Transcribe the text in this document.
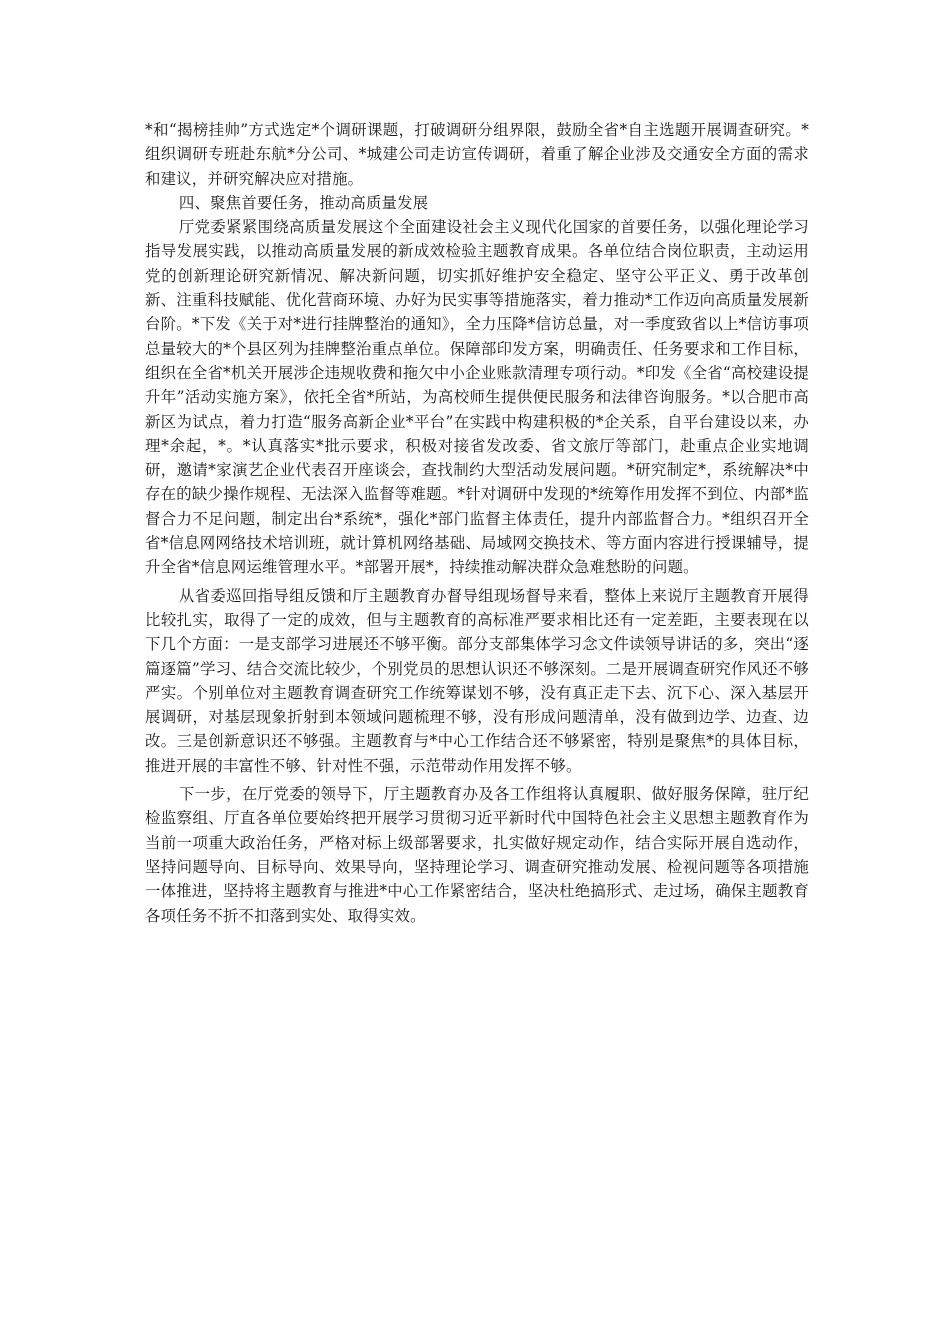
*和“揭榜挂帅”方式选定*个调研课题，打破调研分组界限，鼓励全省*自主选题开展调查研究。*组织调研专班赴东航*分公司、*城建公司走访宣传调研，着重了解企业涉及交通安全方面的需求和建议，并研究解决应对措施。

四、聚焦首要任务，推动高质量发展

厅党委紧紧围绕高质量发展这个全面建设社会主义现代化国家的首要任务，以强化理论学习指导发展实践，以推动高质量发展的新成效检验主题教育成果。各单位结合岗位职责，主动运用党的创新理论研究新情况、解决新问题，切实抓好维护安全稳定、坚守公平正义、勇于改革创新、注重科技赋能、优化营商环境、办好为民实事等措施落实，着力推动*工作迈向高质量发展新台阶。*下发《关于对*进行挂牌整治的通知》，全力压降*信访总量，对一季度致省以上*信访事项总量较大的*个县区列为挂牌整治重点单位。保障部印发方案，明确责任、任务要求和工作目标，组织在全省*机关开展涉企违规收费和拖欠中小企业账款清理专项行动。*印发《全省“高校建设提升年”活动实施方案》，依托全省*所站，为高校师生提供便民服务和法律咨询服务。*以合肥市高新区为试点，着力打造“服务高新企业*平台”在实践中构建积极的*企关系，自平台建设以来，办理*余起，*。*认真落实*批示要求，积极对接省发改委、省文旅厅等部门，赴重点企业实地调研，邀请*家演艺企业代表召开座谈会，查找制约大型活动发展问题。*研究制定*，系统解决*中存在的缺少操作规程、无法深入监督等难题。*针对调研中发现的*统筹作用发挥不到位、内部*监督合力不足问题，制定出台*系统*，强化*部门监督主体责任，提升内部监督合力。*组织召开全省*信息网网络技术培训班，就计算机网络基础、局域网交换技术、等方面内容进行授课辅导，提升全省*信息网运维管理水平。*部署开展*，持续推动解决群众急难愁盼的问题。

从省委巡回指导组反馈和厅主题教育办督导组现场督导来看，整体上来说厅主题教育开展得比较扎实，取得了一定的成效，但与主题教育的高标准严要求相比还有一定差距，主要表现在以下几个方面：一是支部学习进展还不够平衡。部分支部集体学习念文件读领导讲话的多，突出“逐篇逐篇”学习、结合交流比较少，个别党员的思想认识还不够深刻。二是开展调查研究作风还不够严实。个别单位对主题教育调查研究工作统筹谋划不够，没有真正走下去、沉下心、深入基层开展调研，对基层现象折射到本领域问题梳理不够，没有形成问题清单，没有做到边学、边查、边改。三是创新意识还不够强。主题教育与*中心工作结合还不够紧密，特别是聚焦*的具体目标，推进开展的丰富性不够、针对性不强，示范带动作用发挥不够。

下一步，在厅党委的领导下，厅主题教育办及各工作组将认真履职、做好服务保障，驻厅纪检监察组、厅直各单位要始终把开展学习贯彻习近平新时代中国特色社会主义思想主题教育作为当前一项重大政治任务，严格对标上级部署要求，扎实做好规定动作，结合实际开展自选动作，坚持问题导向、目标导向、效果导向，坚持理论学习、调查研究推动发展、检视问题等各项措施一体推进，坚持将主题教育与推进*中心工作紧密结合，坚决杜绝搞形式、走过场，确保主题教育各项任务不折不扣落到实处、取得实效。
